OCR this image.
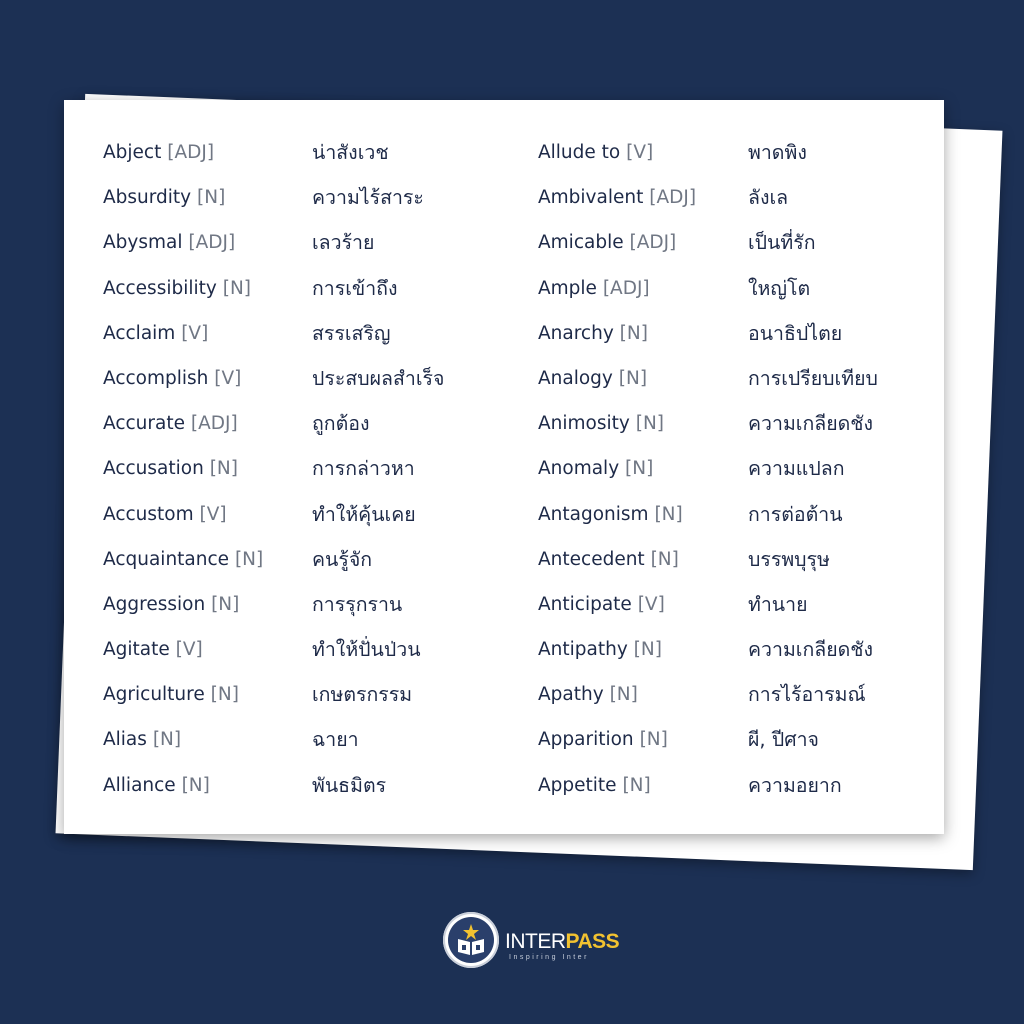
Abject [ADJ]
Absurdity [N]
Abysmal [ADJ]
Accessibility [N]
Acclaim [V]
Accomplish [V]
Accurate [ADJ]
Accusation [N]
Accustom [V]
Acquaintance [N]
Aggression [N]
Agitate [V]
Agriculture [N]
Alias [N]
Alliance [N]
น่าสังเวช
ความไร้สาระ
เลวร้าย
การเข้าถึง
สรรเสริญ
ประสบผลสำเร็จ
ถูกต้อง
การกล่าวหา
ทำให้คุ้นเคย
คนรู้จัก
การรุกราน
ทำให้ปั่นป่วน
เกษตรกรรม
ฉายา
พันธมิตร
Allude to [V]
Ambivalent [ADJ]
Amicable [ADJ]
Ample [ADJ]
Anarchy [N]
Analogy [N]
Animosity [N]
Anomaly [N]
Antagonism [N]
Antecedent [N]
Anticipate [V]
Antipathy [N]
Apathy [N]
Apparition [N]
Appetite [N]
พาดพิง
ลังเล
เป็นที่รัก
ใหญ่โต
อนาธิปไตย
การเปรียบเทียบ
ความเกลียดชัง
ความแปลก
การต่อต้าน
บรรพบุรุษ
ทำนาย
ความเกลียดชัง
การไร้อารมณ์
ผี, ปีศาจ
ความอยาก
INTERPASS
Inspiring Inter
